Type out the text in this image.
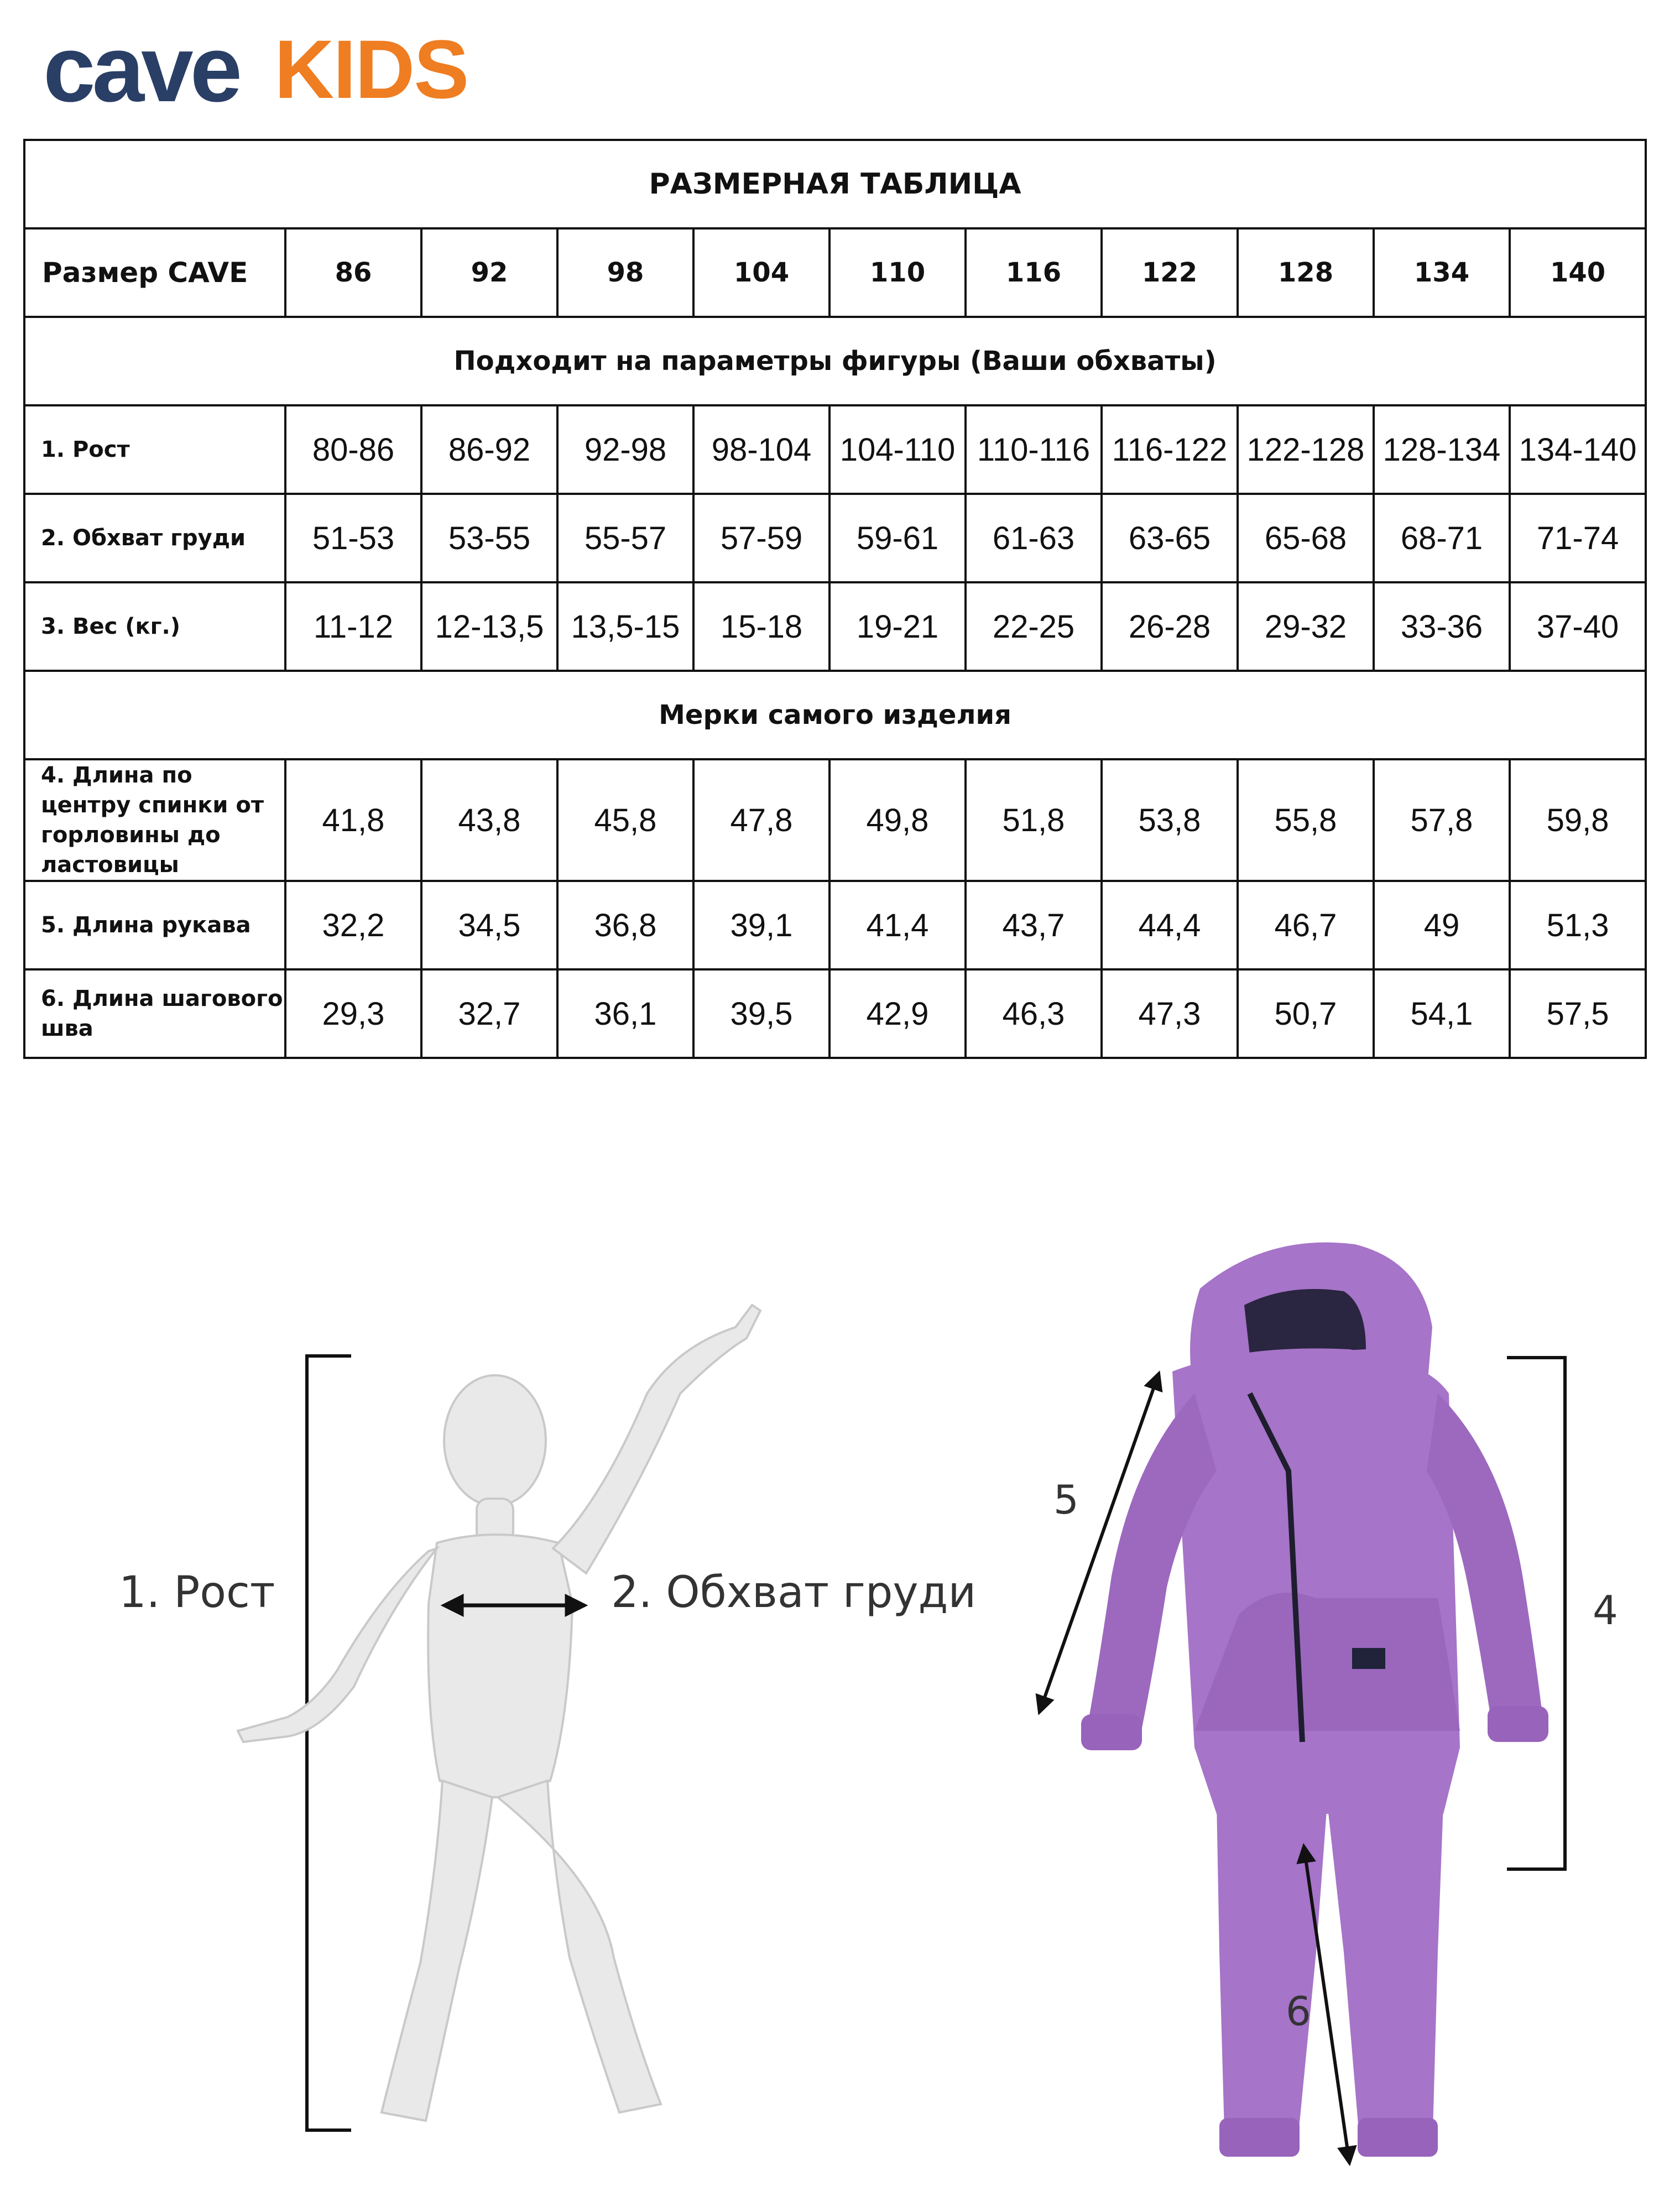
cave KIDS
РАЗМЕРНАЯ ТАБЛИЦА										
Размер CAVE	86	92	98	104	110	116	122	128	134	140
Подходит на параметры фигуры (Ваши обхваты)										
1. Рост	80-86	86-92	92-98	98-104	104-110	110-116	116-122	122-128	128-134	134-140
2. Обхват груди	51-53	53-55	55-57	57-59	59-61	61-63	63-65	65-68	68-71	71-74
3. Вес (кг.)	11-12	12-13,5	13,5-15	15-18	19-21	22-25	26-28	29-32	33-36	37-40
Мерки самого изделия										
4. Длина по центру спинки от горловины до ластовицы	41,8	43,8	45,8	47,8	49,8	51,8	53,8	55,8	57,8	59,8
5. Длина рукава	32,2	34,5	36,8	39,1	41,4	43,7	44,4	46,7	49	51,3
6. Длина шагового шва	29,3	32,7	36,1	39,5	42,9	46,3	47,3	50,7	54,1	57,5
1. Рост	2. Обхват груди
5
4
6
